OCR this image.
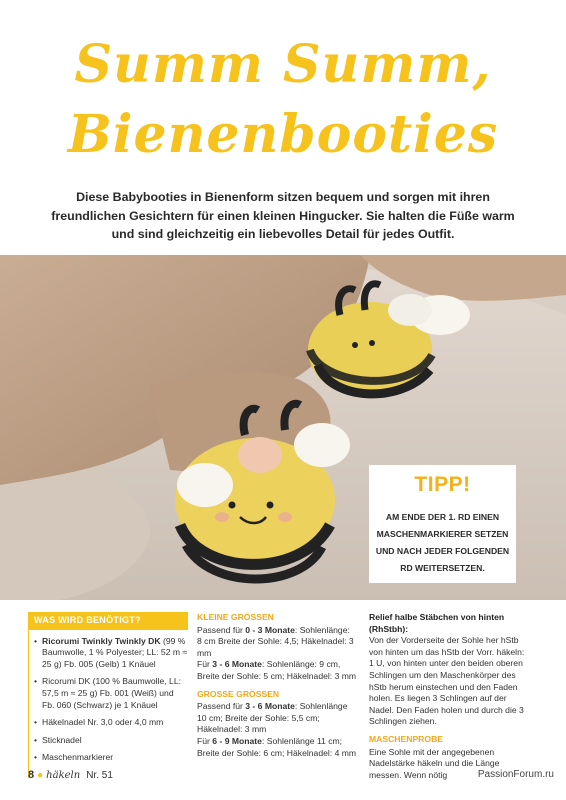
Summ Summ,
Bienenbooties

Diese Babybooties in Bienenform sitzen bequem und sorgen mit ihren freundlichen Gesichtern für einen kleinen Hingucker. Sie halten die Füße warm und sind gleichzeitig ein liebevolles Detail für jedes Outfit.

TIPP!
AM ENDE DER 1. RD EINEN
MASCHENMARKIERER SETZEN
UND NACH JEDER FOLGENDEN
RD WEITERSETZEN.
WAS WIRD BENÖTIGT?
• Ricorumi Twinkly Twinkly DK (99 % Baumwolle, 1 % Polyester; LL: 52 m ≈ 25 g) Fb. 005 (Gelb) 1 Knäuel
• Ricorumi DK (100 % Baumwolle, LL: 57,5 m ≈ 25 g) Fb. 001 (Weiß) und Fb. 060 (Schwarz) je 1 Knäuel
• Häkelnadel Nr. 3,0 oder 4,0 mm
• Sticknadel
• Maschenmarkierer
KLEINE GRÖSSEN
Passend für 0 - 3 Monate: Sohlenlänge: 8 cm Breite der Sohle: 4,5; Häkelnadel: 3 mm
Für 3 - 6 Monate: Sohlenlänge: 9 cm, Breite der Sohle: 5 cm; Häkelnadel: 3 mm
GROSSE GRÖSSEN
Passend für 3 - 6 Monate: Sohlenlänge 10 cm; Breite der Sohle: 5,5 cm; Häkelnadel: 3 mm
Für 6 - 9 Monate: Sohlenlänge 11 cm; Breite der Sohle: 6 cm; Häkelnadel: 4 mm
Relief halbe Stäbchen von hinten (RhStbh):
Von der Vorderseite der Sohle her hStb von hinten um das hStb der Vorr. häkeln: 1 U, von hinten unter den beiden oberen Schlingen um den Maschenkörper des hStb herum einstechen und den Faden holen. Es liegen 3 Schlingen auf der Nadel. Den Faden holen und durch die 3 Schlingen ziehen.
MASCHENPROBE
Eine Sohle mit der angegebenen Nadelstärke häkeln und die Länge messen. Wenn nötig
8 ● häkeln Nr. 51	PassionForum.ru
